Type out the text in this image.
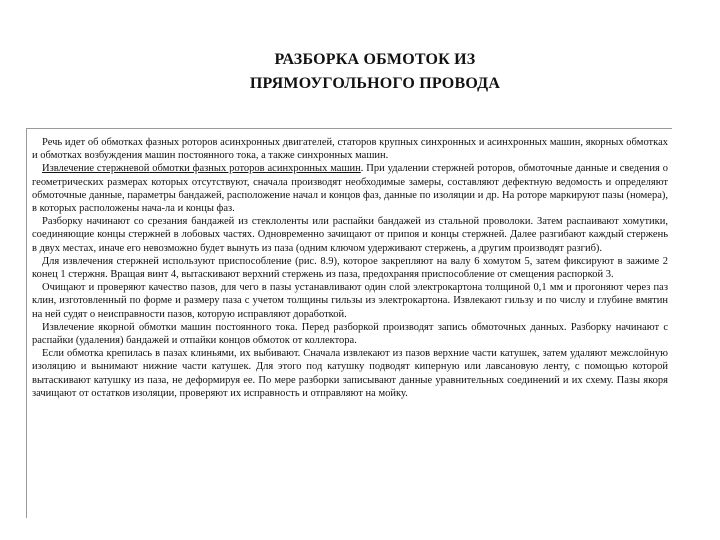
РАЗБОРКА ОБМОТОК ИЗ
ПРЯМОУГОЛЬНОГО ПРОВОДА

Речь идет об обмотках фазных роторов асинхронных двигателей, статоров крупных синхронных и асинхронных машин, якорных обмотках и обмотках возбуждения машин постоянного тока, а также синхронных машин.

Извлечение стержневой обмотки фазных роторов асинхронных машин. При удалении стержней роторов, обмоточные данные и сведения о геометрических размерах которых отсутствуют, сначала производят необходимые замеры, составляют дефектную ведомость и определяют обмоточные данные, параметры бандажей, расположение начал и концов фаз, данные по изоляции и др. На роторе маркируют пазы (номера), в которых расположены нача-ла и концы фаз.

Разборку начинают со срезания бандажей из стеклоленты или распайки бандажей из стальной проволоки. Затем распаивают хомутики, соединяющие концы стержней в лобовых частях. Одновременно зачищают от припоя и концы стержней. Далее разгибают каждый стержень в двух местах, иначе его невозможно будет вынуть из паза (одним ключом удерживают стержень, а другим производят разгиб).

Для извлечения стержней используют приспособление (рис. 8.9), которое закрепляют на валу 6 хомутом 5, затем фиксируют в зажиме 2 конец 1 стержня. Вращая винт 4, вытаскивают верхний стержень из паза, предохраняя приспособление от смещения распоркой 3.

Очищают и проверяют качество пазов, для чего в пазы устанавливают один слой электрокартона толщиной 0,1 мм и прогоняют через паз клин, изготовленный по форме и размеру паза с учетом толщины гильзы из электрокартона. Извлекают гильзу и по числу и глубине вмятин на ней судят о неисправности пазов, которую исправляют доработкой.

Извлечение якорной обмотки машин постоянного тока. Перед разборкой производят запись обмоточных данных. Разборку начинают с распайки (удаления) бандажей и отпайки концов обмоток от коллектора.

Если обмотка крепилась в пазах клиньями, их выбивают. Сначала извлекают из пазов верхние части катушек, затем удаляют межслойную изоляцию и вынимают нижние части катушек. Для этого под катушку подводят киперную или лавсановую ленту, с помощью которой вытаскивают катушку из паза, не деформируя ее. По мере разборки записывают данные уравнительных соединений и их схему. Пазы якоря зачищают от остатков изоляции, проверяют их исправность и отправляют на мойку.
